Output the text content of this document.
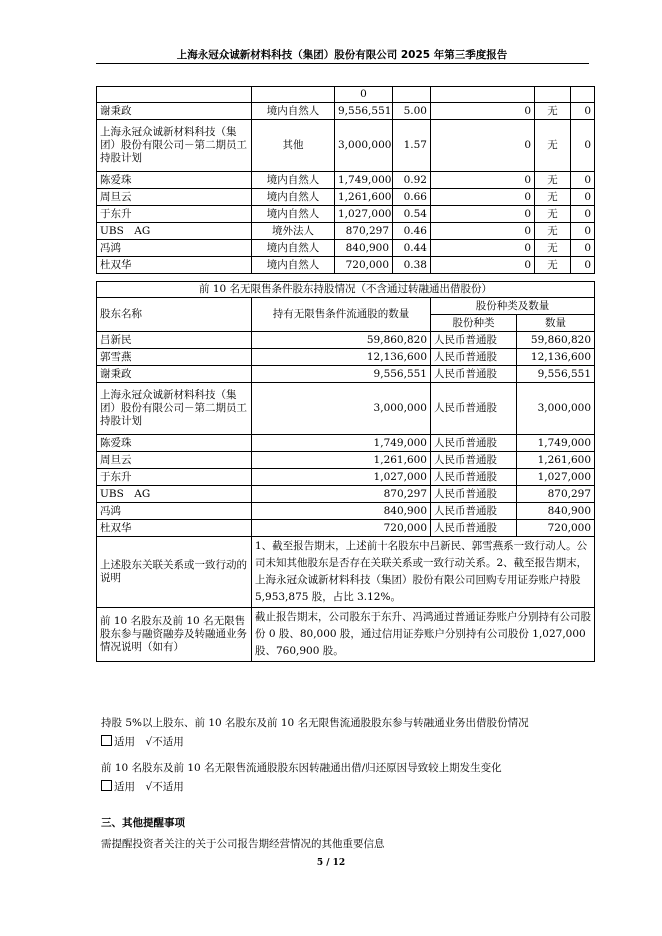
上海永冠众诚新材料科技（集团）股份有限公司 2025 年第三季度报告
		0				
谢秉政	境内自然人	9,556,551	5.00	0	无	0
上海永冠众诚新材料科技（集团）股份有限公司－第二期员工持股计划	其他	3,000,000	1.57	0	无	0
陈爱珠	境内自然人	1,749,000	0.92	0	无	0
周旦云	境内自然人	1,261,600	0.66	0	无	0
于东升	境内自然人	1,027,000	0.54	0	无	0
UBS　AG	境外法人	870,297	0.46	0	无	0
冯鸿	境内自然人	840,900	0.44	0	无	0
杜双华	境内自然人	720,000	0.38	0	无	0
前 10 名无限售条件股东持股情况（不含通过转融通出借股份）			
股东名称	持有无限售条件流通股的数量	股份种类及数量	
		股份种类	数量
吕新民	59,860,820	人民币普通股	59,860,820
郭雪燕	12,136,600	人民币普通股	12,136,600
谢秉政	9,556,551	人民币普通股	9,556,551
上海永冠众诚新材料科技（集团）股份有限公司－第二期员工持股计划	3,000,000	人民币普通股	3,000,000
陈爱珠	1,749,000	人民币普通股	1,749,000
周旦云	1,261,600	人民币普通股	1,261,600
于东升	1,027,000	人民币普通股	1,027,000
UBS　AG	870,297	人民币普通股	870,297
冯鸿	840,900	人民币普通股	840,900
杜双华	720,000	人民币普通股	720,000
上述股东关联关系或一致行动的说明	1、截至报告期末，上述前十名股东中吕新民、郭雪燕系一致行动人。公司未知其他股东是否存在关联关系或一致行动关系。2、截至报告期末，上海永冠众诚新材料科技（集团）股份有限公司回购专用证券账户持股 5,953,875 股，占比 3.12%。		
前 10 名股东及前 10 名无限售股东参与融资融券及转融通业务情况说明（如有）	截止报告期末，公司股东于东升、冯鸿通过普通证券账户分别持有公司股份 0 股、80,000 股，通过信用证券账户分别持有公司股份 1,027,000 股、760,900 股。		
持股 5%以上股东、前 10 名股东及前 10 名无限售流通股股东参与转融通业务出借股份情况
适用　√不适用
前 10 名股东及前 10 名无限售流通股股东因转融通出借/归还原因导致较上期发生变化
适用　√不适用
三、其他提醒事项
需提醒投资者关注的关于公司报告期经营情况的其他重要信息
5 / 12
